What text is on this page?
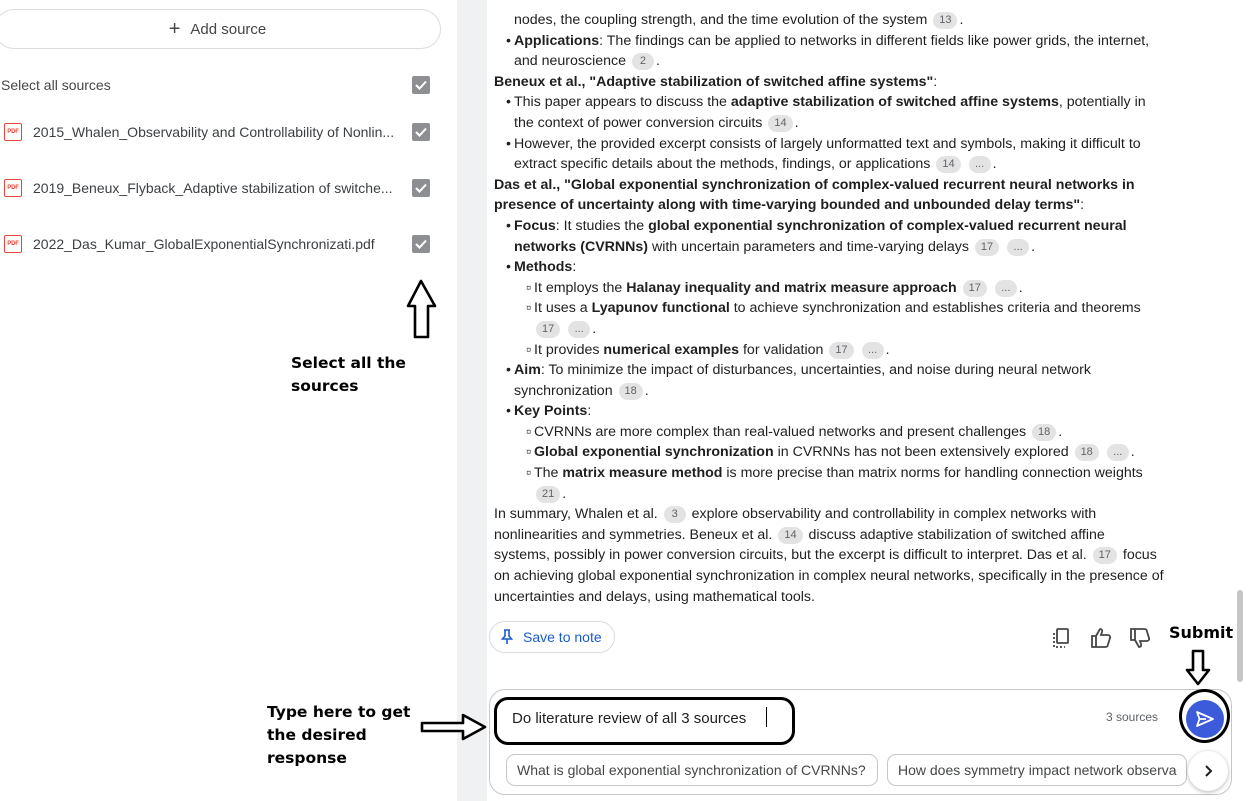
+ Add source
Select all sources
PDF 2015_Whalen_Observability and Controllability of Nonlin...
PDF 2019_Beneux_Flyback_Adaptive stabilization of switche...
PDF 2022_Das_Kumar_GlobalExponentialSynchronizati.pdf
Select all the sources
Type here to get
the desired
response

nodes, the coupling strength, and the time evolution of the system 13 .

• Applications: The findings can be applied to networks in different fields like power grids, the internet, and neuroscience 2 .

Beneux et al., "Adaptive stabilization of switched affine systems":

• This paper appears to discuss the adaptive stabilization of switched affine systems, potentially in the context of power conversion circuits 14 .

• However, the provided excerpt consists of largely unformatted text and symbols, making it difficult to extract specific details about the methods, findings, or applications 14 ... .

Das et al., "Global exponential synchronization of complex-valued recurrent neural networks in presence of uncertainty along with time-varying bounded and unbounded delay terms":

• Focus: It studies the global exponential synchronization of complex-valued recurrent neural networks (CVRNNs) with uncertain parameters and time-varying delays 17 ... .

• Methods:

▫ It employs the Halanay inequality and matrix measure approach 17 ... .

▫ It uses a Lyapunov functional to achieve synchronization and establishes criteria and theorems 17 ... .

▫ It provides numerical examples for validation 17 ... .

• Aim: To minimize the impact of disturbances, uncertainties, and noise during neural network synchronization 18 .

• Key Points:

▫ CVRNNs are more complex than real-valued networks and present challenges 18 .

▫ Global exponential synchronization in CVRNNs has not been extensively explored 18 ... .

▫ The matrix measure method is more precise than matrix norms for handling connection weights 21 .

In summary, Whalen et al. 3 explore observability and controllability in complex networks with nonlinearities and symmetries. Beneux et al. 14 discuss adaptive stabilization of switched affine systems, possibly in power conversion circuits, but the excerpt is difficult to interpret. Das et al. 17 focus on achieving global exponential synchronization in complex neural networks, specifically in the presence of uncertainties and delays, using mathematical tools.

Save to note	Submit
Do literature review of all 3 sources
3 sources
What is global exponential synchronization of CVRNNs? How does symmetry impact network observa
